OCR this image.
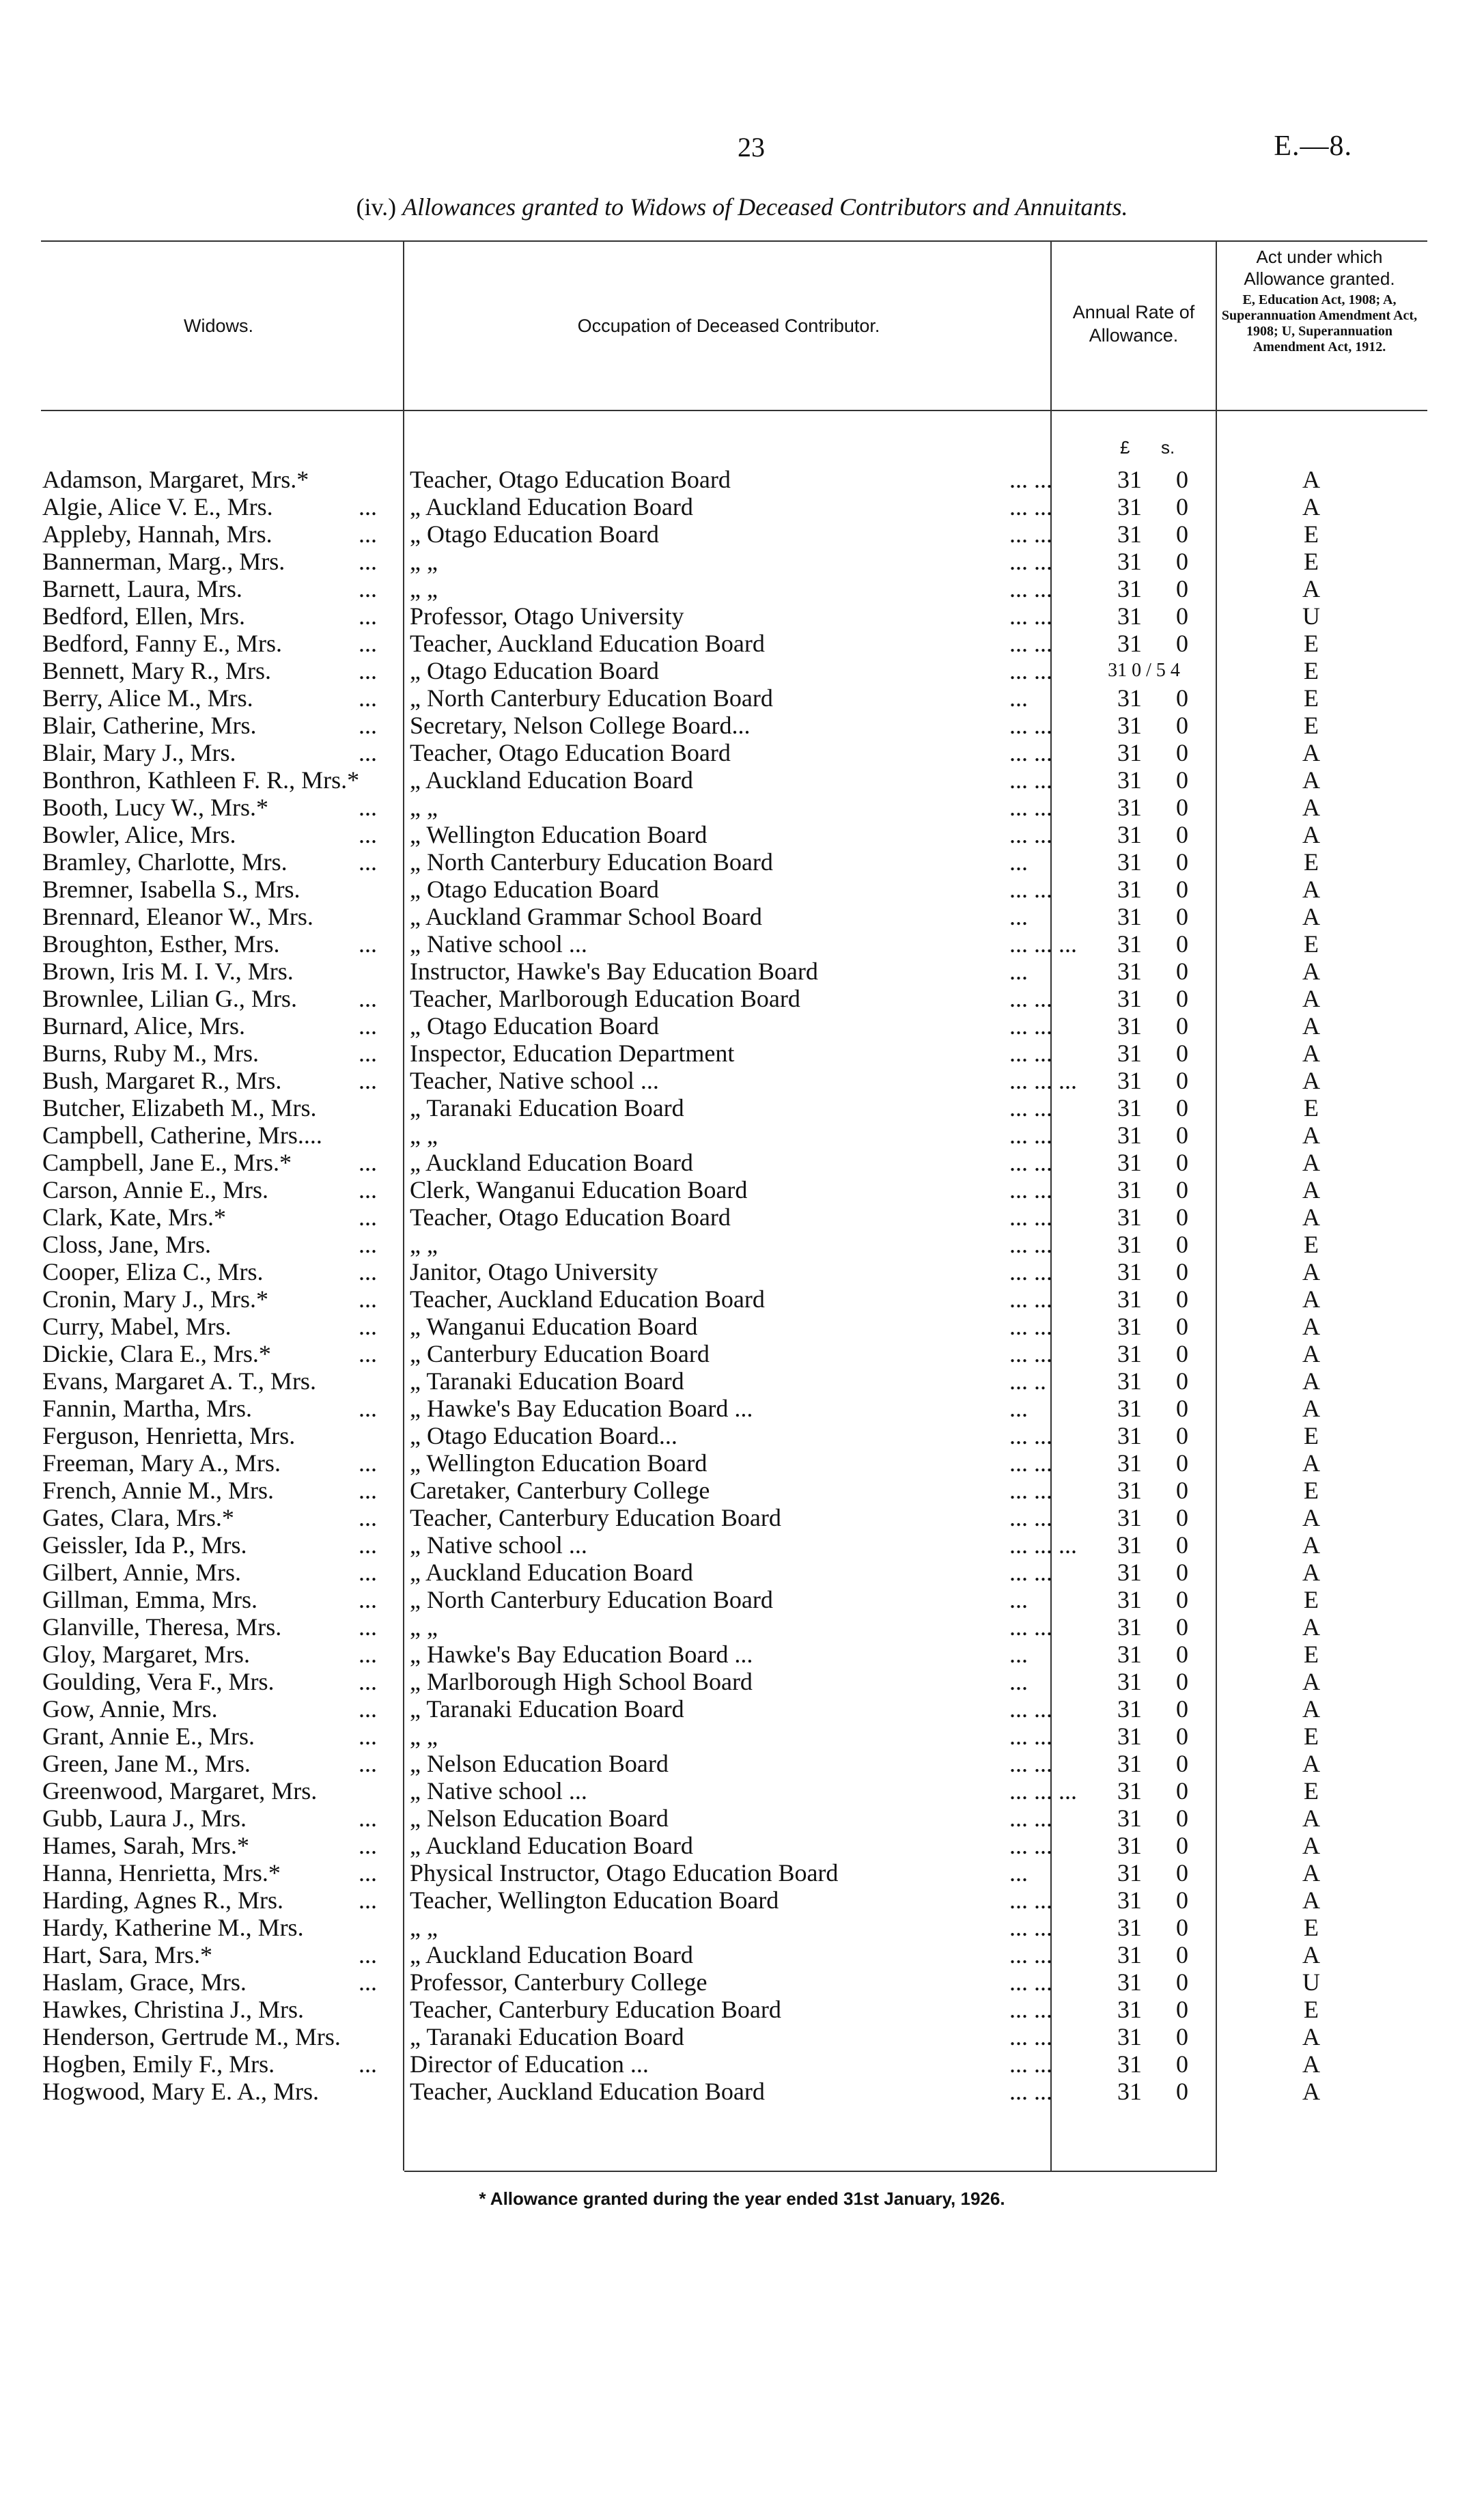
23	E.—8.
(iv.) Allowances granted to Widows of Deceased Contributors and Annuitants.
Widows.	Occupation of Deceased Contributor.
Annual Rate of Allowance.
Act under which Allowance granted.
E, Education Act, 1908; A, Superannuation Amendment Act, 1908; U, Superannuation Amendment Act, 1912.
£ s.
Adamson, Margaret, Mrs.*	Teacher, Otago Education Board	... ...	31	0	A
Algie, Alice V. E., Mrs.	... „ Auckland Education Board	... ...	31	0	A
Appleby, Hannah, Mrs.	... „ Otago Education Board	... ...	31	0	E
Bannerman, Marg., Mrs.	... „ „	... ...	31	0	E
Barnett, Laura, Mrs.	... „ „	... ...	31	0	A
Bedford, Ellen, Mrs.	... Professor, Otago University	... ...	31	0	U
Bedford, Fanny E., Mrs.	... Teacher, Auckland Education Board	... ...	31	0	E
Bennett, Mary R., Mrs.	... „ Otago Education Board	... ...	31 0 / 5 4	E
Berry, Alice M., Mrs.	... „ North Canterbury Education Board	...	31	0	E
Blair, Catherine, Mrs.	... Secretary, Nelson College Board...	... ...	31	0	E
Blair, Mary J., Mrs.	... Teacher, Otago Education Board	... ...	31	0	A
Bonthron, Kathleen F. R., Mrs.* „ Auckland Education Board	... ...	31	0	A
Booth, Lucy W., Mrs.*	... „ „	... ...	31	0	A
Bowler, Alice, Mrs.	... „ Wellington Education Board	... ...	31	0	A
Bramley, Charlotte, Mrs.	... „ North Canterbury Education Board	...	31	0	E
Bremner, Isabella S., Mrs.	„ Otago Education Board	... ...	31	0	A
Brennard, Eleanor W., Mrs.	„ Auckland Grammar School Board	...	31	0	A
Broughton, Esther, Mrs.	... „ Native school ...	... ... ...	31	0	E
Brown, Iris M. I. V., Mrs.	Instructor, Hawke's Bay Education Board	...	31	0	A
Brownlee, Lilian G., Mrs.	... Teacher, Marlborough Education Board	... ...	31	0	A
Burnard, Alice, Mrs.	... „ Otago Education Board	... ...	31	0	A
Burns, Ruby M., Mrs.	... Inspector, Education Department	... ...	31	0	A
Bush, Margaret R., Mrs.	... Teacher, Native school ...	... ... ...	31	0	A
Butcher, Elizabeth M., Mrs.	„ Taranaki Education Board	... ...	31	0	E
Campbell, Catherine, Mrs....	„ „	... ...	31	0	A
Campbell, Jane E., Mrs.*	... „ Auckland Education Board	... ...	31	0	A
Carson, Annie E., Mrs.	... Clerk, Wanganui Education Board	... ...	31	0	A
Clark, Kate, Mrs.*	... Teacher, Otago Education Board	... ...	31	0	A
Closs, Jane, Mrs.	... „ „	... ...	31	0	E
Cooper, Eliza C., Mrs.	... Janitor, Otago University	... ...	31	0	A
Cronin, Mary J., Mrs.*	... Teacher, Auckland Education Board	... ...	31	0	A
Curry, Mabel, Mrs.	... „ Wanganui Education Board	... ...	31	0	A
Dickie, Clara E., Mrs.*	... „ Canterbury Education Board	... ...	31	0	A
Evans, Margaret A. T., Mrs.	„ Taranaki Education Board	... ..	31	0	A
Fannin, Martha, Mrs.	... „ Hawke's Bay Education Board ...	...	31	0	A
Ferguson, Henrietta, Mrs.	„ Otago Education Board...	... ...	31	0	E
Freeman, Mary A., Mrs.	... „ Wellington Education Board	... ...	31	0	A
French, Annie M., Mrs.	... Caretaker, Canterbury College	... ...	31	0	E
Gates, Clara, Mrs.*	... Teacher, Canterbury Education Board	... ...	31	0	A
Geissler, Ida P., Mrs.	... „ Native school ...	... ... ...	31	0	A
Gilbert, Annie, Mrs.	... „ Auckland Education Board	... ...	31	0	A
Gillman, Emma, Mrs.	... „ North Canterbury Education Board	...	31	0	E
Glanville, Theresa, Mrs.	... „ „	... ...	31	0	A
Gloy, Margaret, Mrs.	... „ Hawke's Bay Education Board ...	...	31	0	E
Goulding, Vera F., Mrs.	... „ Marlborough High School Board	...	31	0	A
Gow, Annie, Mrs.	... „ Taranaki Education Board	... ...	31	0	A
Grant, Annie E., Mrs.	... „ „	... ...	31	0	E
Green, Jane M., Mrs.	... „ Nelson Education Board	... ...	31	0	A
Greenwood, Margaret, Mrs.	„ Native school ...	... ... ...	31	0	E
Gubb, Laura J., Mrs.	... „ Nelson Education Board	... ...	31	0	A
Hames, Sarah, Mrs.*	... „ Auckland Education Board	... ...	31	0	A
Hanna, Henrietta, Mrs.*	... Physical Instructor, Otago Education Board	...	31	0	A
Harding, Agnes R., Mrs.	... Teacher, Wellington Education Board	... ...	31	0	A
Hardy, Katherine M., Mrs.	„ „	... ...	31	0	E
Hart, Sara, Mrs.*	... „ Auckland Education Board	... ...	31	0	A
Haslam, Grace, Mrs.	... Professor, Canterbury College	... ...	31	0	U
Hawkes, Christina J., Mrs.	Teacher, Canterbury Education Board	... ...	31	0	E
Henderson, Gertrude M., Mrs.	„ Taranaki Education Board	... ...	31	0	A
Hogben, Emily F., Mrs.	... Director of Education ...	... ...	31	0	A
Hogwood, Mary E. A., Mrs.	Teacher, Auckland Education Board	... ...	31	0	A
* Allowance granted during the year ended 31st January, 1926.
